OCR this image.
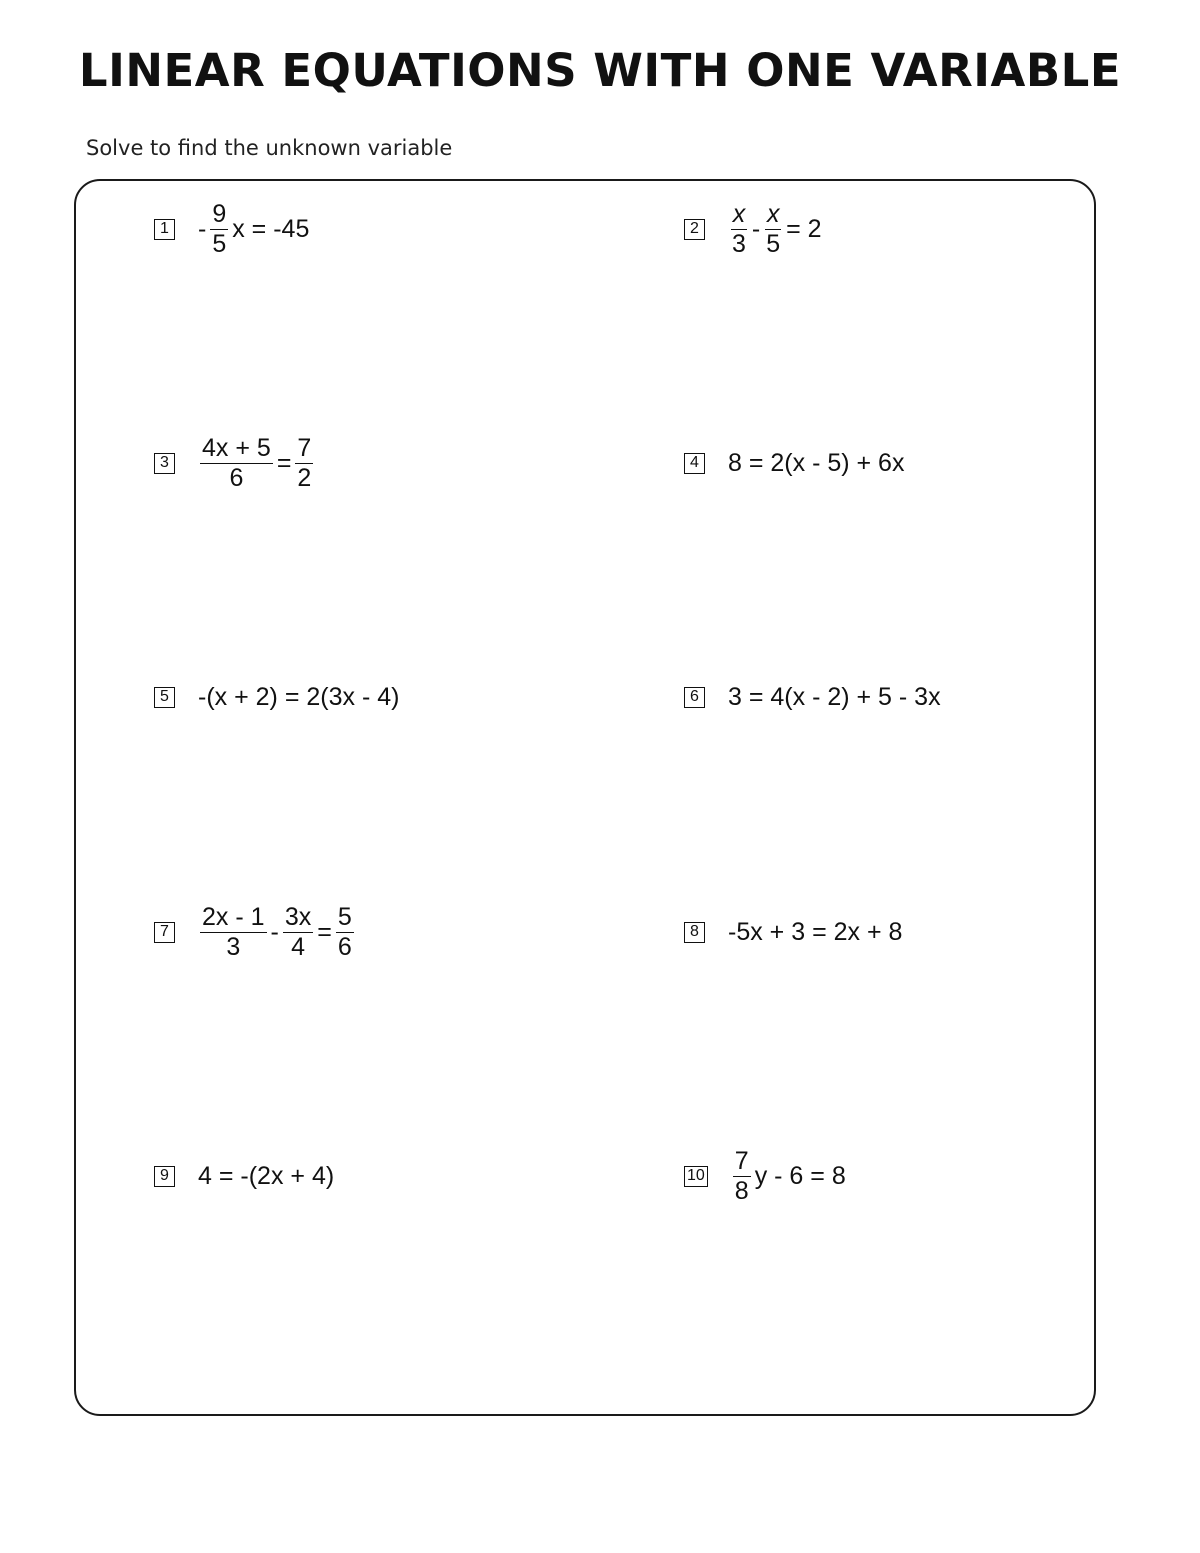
LINEAR EQUATIONS WITH ONE VARIABLE
Solve to find the unknown variable
$1 - \frac{9}{5}$ x = -45	$2 \frac{x}{3} - \frac{x}{5} = 2$
$3 \frac{4x + 5}{6} = \frac{7}{2}$	4 8 = 2(x - 5) + 6x
5 -(x + 2) = 2(3x - 4)	6 3 = 4(x - 2) + 5 - 3x
$7 \frac{2x - 1}{3} - \frac{3x}{4} = \frac{5}{6}$	8 -5x + 3 = 2x + 8
9 4 = -(2x + 4)	$10 \frac{7}{8}$ y - 6 = 8
